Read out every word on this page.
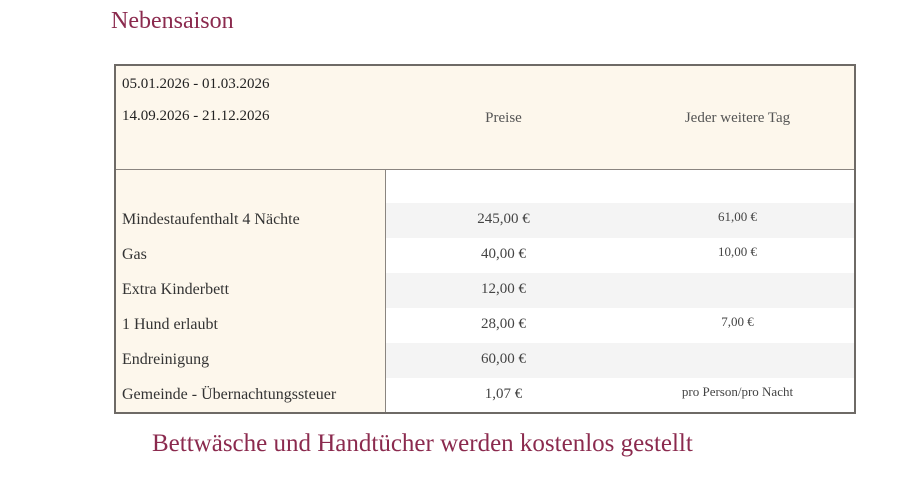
Nebensaison
05.01.2026 - 01.03.2026
14.09.2026 - 21.12.2026	Preise	Jeder weitere Tag
Mindestaufenthalt 4 Nächte	245,00 €	61,00 €
Gas	40,00 €	10,00 €
Extra Kinderbett	12,00 €
1 Hund erlaubt	28,00 €	7,00 €
Endreinigung	60,00 €
Gemeinde - Übernachtungssteuer	1,07 €	pro Person/pro Nacht
Bettwäsche und Handtücher werden kostenlos gestellt
